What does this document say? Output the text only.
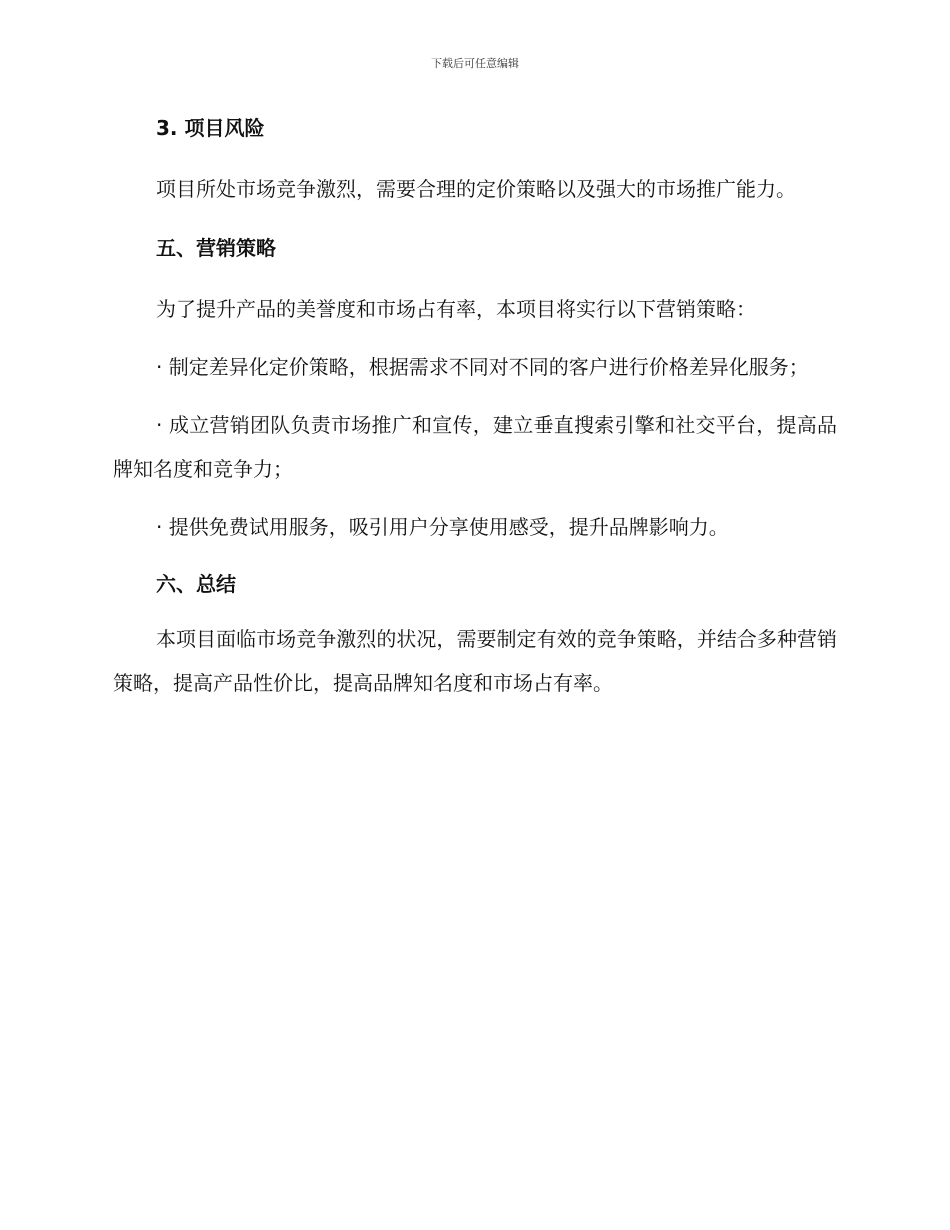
下载后可任意编辑
3. 项目风险

项目所处市场竞争激烈，需要合理的定价策略以及强大的市场推广能力。

五、营销策略

为了提升产品的美誉度和市场占有率，本项目将实行以下营销策略：

· 制定差异化定价策略，根据需求不同对不同的客户进行价格差异化服务；

· 成立营销团队负责市场推广和宣传，建立垂直搜索引擎和社交平台，提高品牌知名度和竞争力；

· 提供免费试用服务，吸引用户分享使用感受，提升品牌影响力。

六、总结

本项目面临市场竞争激烈的状况，需要制定有效的竞争策略，并结合多种营销策略，提高产品性价比，提高品牌知名度和市场占有率。
